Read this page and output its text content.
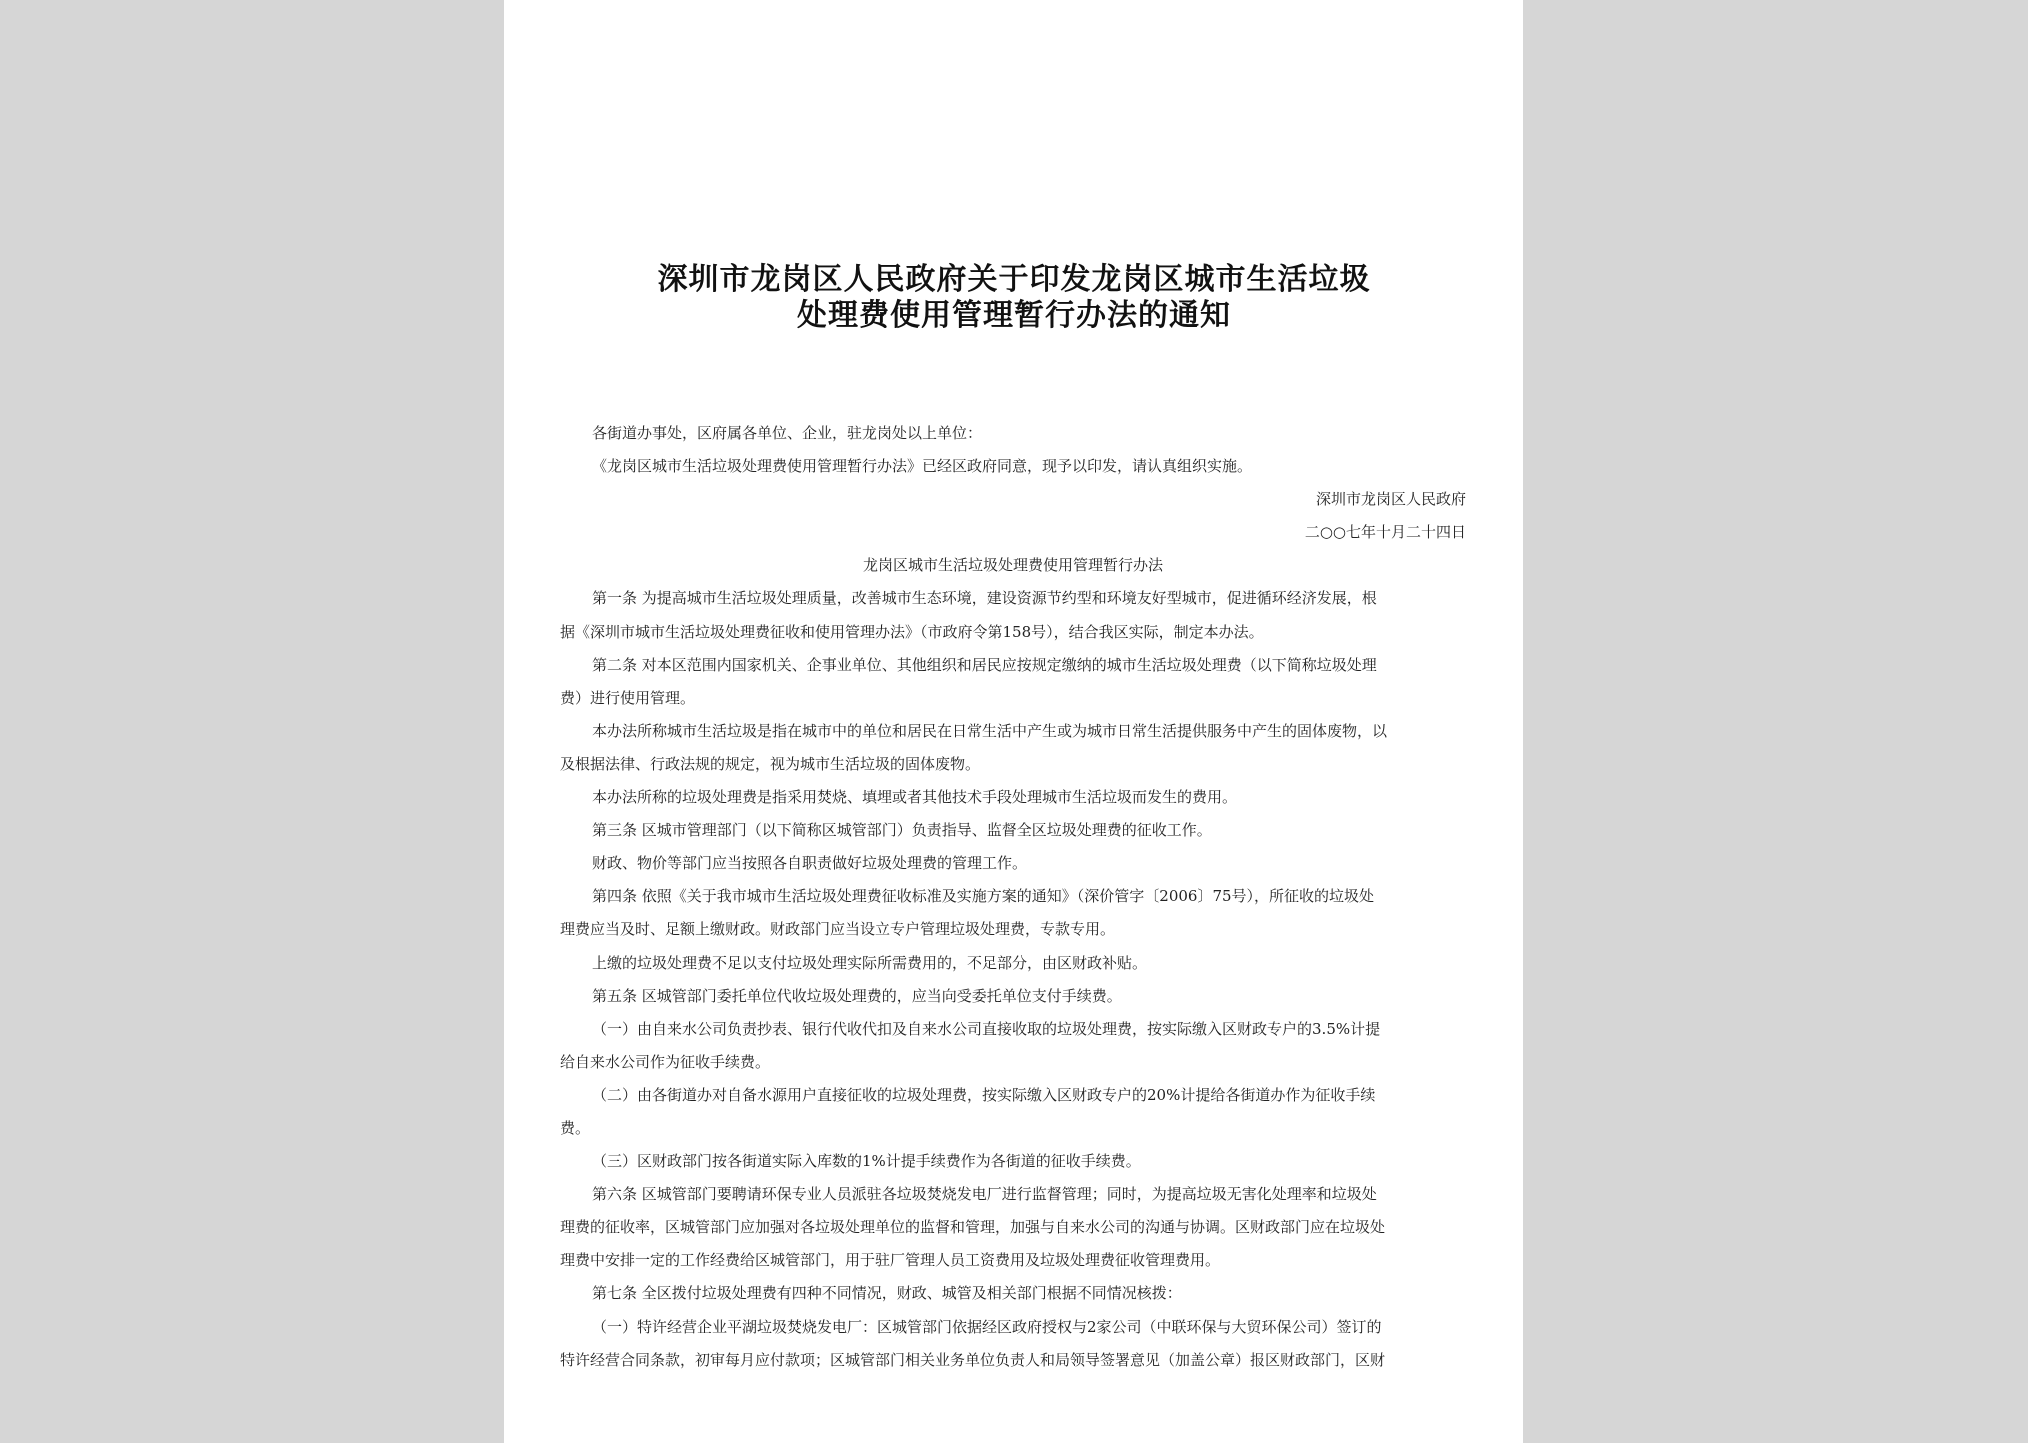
深圳市龙岗区人民政府关于印发龙岗区城市生活垃圾
处理费使用管理暂行办法的通知

各街道办事处，区府属各单位、企业，驻龙岗处以上单位：

《龙岗区城市生活垃圾处理费使用管理暂行办法》已经区政府同意，现予以印发，请认真组织实施。

深圳市龙岗区人民政府

二○○七年十月二十四日

龙岗区城市生活垃圾处理费使用管理暂行办法

第一条 为提高城市生活垃圾处理质量，改善城市生态环境，建设资源节约型和环境友好型城市，促进循环经济发展，根

据《深圳市城市生活垃圾处理费征收和使用管理办法》（市政府令第158号），结合我区实际，制定本办法。

第二条 对本区范围内国家机关、企事业单位、其他组织和居民应按规定缴纳的城市生活垃圾处理费（以下简称垃圾处理

费）进行使用管理。

本办法所称城市生活垃圾是指在城市中的单位和居民在日常生活中产生或为城市日常生活提供服务中产生的固体废物，以

及根据法律、行政法规的规定，视为城市生活垃圾的固体废物。

本办法所称的垃圾处理费是指采用焚烧、填埋或者其他技术手段处理城市生活垃圾而发生的费用。

第三条 区城市管理部门（以下简称区城管部门）负责指导、监督全区垃圾处理费的征收工作。

财政、物价等部门应当按照各自职责做好垃圾处理费的管理工作。

第四条 依照《关于我市城市生活垃圾处理费征收标准及实施方案的通知》（深价管字〔2006〕75号），所征收的垃圾处

理费应当及时、足额上缴财政。财政部门应当设立专户管理垃圾处理费，专款专用。

上缴的垃圾处理费不足以支付垃圾处理实际所需费用的，不足部分，由区财政补贴。

第五条 区城管部门委托单位代收垃圾处理费的，应当向受委托单位支付手续费。

（一）由自来水公司负责抄表、银行代收代扣及自来水公司直接收取的垃圾处理费，按实际缴入区财政专户的3.5%计提

给自来水公司作为征收手续费。

（二）由各街道办对自备水源用户直接征收的垃圾处理费，按实际缴入区财政专户的20%计提给各街道办作为征收手续

费。

（三）区财政部门按各街道实际入库数的1%计提手续费作为各街道的征收手续费。

第六条 区城管部门要聘请环保专业人员派驻各垃圾焚烧发电厂进行监督管理；同时，为提高垃圾无害化处理率和垃圾处

理费的征收率，区城管部门应加强对各垃圾处理单位的监督和管理，加强与自来水公司的沟通与协调。区财政部门应在垃圾处

理费中安排一定的工作经费给区城管部门，用于驻厂管理人员工资费用及垃圾处理费征收管理费用。

第七条 全区拨付垃圾处理费有四种不同情况，财政、城管及相关部门根据不同情况核拨：

（一）特许经营企业平湖垃圾焚烧发电厂：区城管部门依据经区政府授权与2家公司（中联环保与大贸环保公司）签订的

特许经营合同条款，初审每月应付款项；区城管部门相关业务单位负责人和局领导签署意见（加盖公章）报区财政部门，区财
